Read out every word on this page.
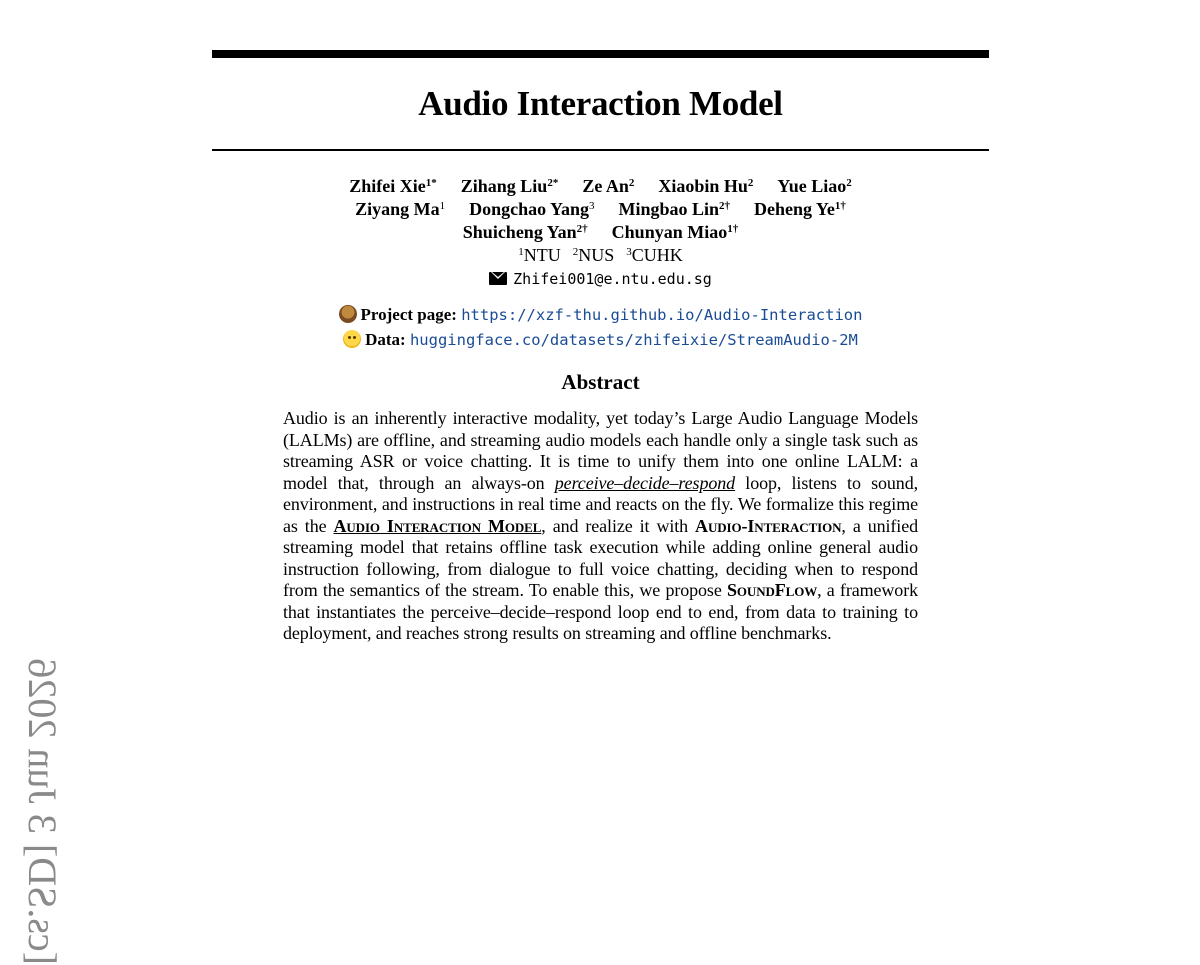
Audio Interaction Model
Zhifei Xie$^{1*}$ Zihang Liu$^{2*}$ Ze An$^2$ Xiaobin Hu$^2$ Yue Liao$^2$
Ziyang Ma$^1$ Dongchao Yang$^3$ Mingbao Lin$^{2\dagger}$ Deheng $Ye^{1\dagger}$
Shuicheng Yan$^{2\dagger}$ Chunyan Miao$^{1\dagger}$
$^1$NTU $^2$NUS $^3$CUHK
Zhifei001@e.ntu.edu.sg
Project page: https://xzf-thu.github.io/Audio-Interaction
Data: huggingface.co/datasets/zhifeixie/StreamAudio-2M
Abstract
Audio is an inherently interactive modality, yet today’s Large Audio Language Models (LALMs) are offline, and streaming audio models each handle only a single task such as streaming ASR or voice chatting. It is time to unify them into one online LALM: a model that, through an always-on perceive–decide–respond loop, listens to sound, environment, and instructions in real time and reacts on the fly. We formalize this regime as the Audio Interaction Model, and realize it with Audio-Interaction, a unified streaming model that retains offline task execution while adding online general audio instruction following, from dialogue to full voice chatting, deciding when to respond from the semantics of the stream. To enable this, we propose SoundFlow, a framework that instantiates the perceive–decide–respond loop end to end, from data to training to deployment, and reaches strong results on streaming and offline benchmarks.
[cs.SD] 3 Jun 2026
